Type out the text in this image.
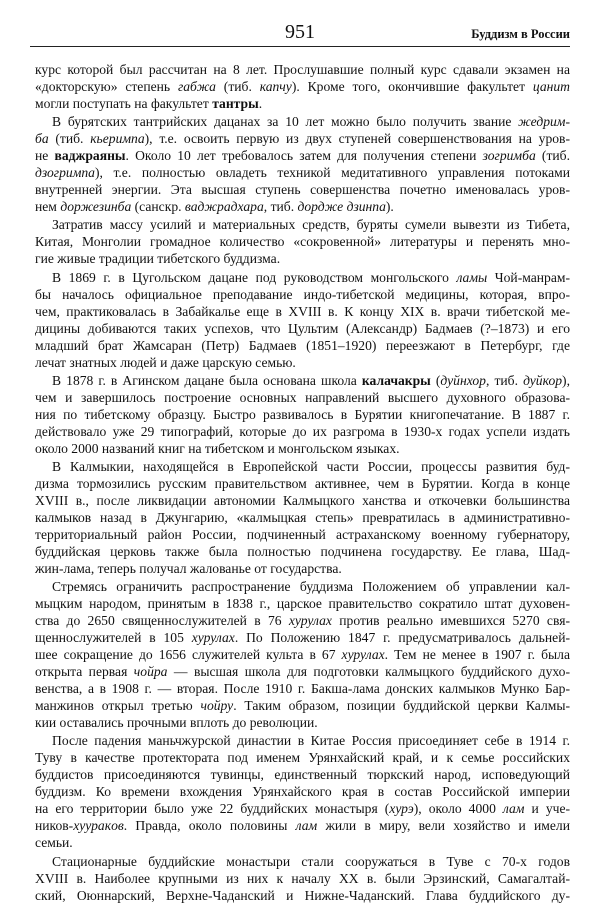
951	Буддизм в России
курс которой был рассчитан на 8 лет. Прослушавшие полный курс сдавали экзамен на
«докторскую» степень габжа (тиб. капчу). Кроме того, окончившие факультет цанит
могли поступать на факультет тантры.
В бурятских тантрийских дацанах за 10 лет можно было получить звание жедрим-
ба (тиб. кьеримпа), т.е. освоить первую из двух ступеней совершенствования на уров-
не ваджраяны. Около 10 лет требовалось затем для получения степени зогримба (тиб.
дзогримпа), т.е. полностью овладеть техникой медитативного управления потоками
внутренней энергии. Эта высшая ступень совершенства почетно именовалась уров-
нем доржезинба (санскр. ваджрадхара, тиб. дордже дзинпа).
Затратив массу усилий и материальных средств, буряты сумели вывезти из Тибета,
Китая, Монголии громадное количество «сокровенной» литературы и перенять мно-
гие живые традиции тибетского буддизма.
В 1869 г. в Цугольском дацане под руководством монгольского ламы Чой-манрам-
бы началось официальное преподавание индо-тибетской медицины, которая, впро-
чем, практиковалась в Забайкалье еще в XVIII в. К концу XIX в. врачи тибетской ме-
дицины добиваются таких успехов, что Цультим (Александр) Бадмаев (?–1873) и его
младший брат Жамсаран (Петр) Бадмаев (1851–1920) переезжают в Петербург, где
лечат знатных людей и даже царскую семью.
В 1878 г. в Агинском дацане была основана школа калачакры (дуйнхор, тиб. дуйкор),
чем и завершилось построение основных направлений высшего духовного образова-
ния по тибетскому образцу. Быстро развивалось в Бурятии книгопечатание. В 1887 г.
действовало уже 29 типографий, которые до их разгрома в 1930-х годах успели издать
около 2000 названий книг на тибетском и монгольском языках.
В Калмыкии, находящейся в Европейской части России, процессы развития буд-
дизма тормозились русским правительством активнее, чем в Бурятии. Когда в конце
XVIII в., после ликвидации автономии Калмыцкого ханства и откочевки большинства
калмыков назад в Джунгарию, «калмыцкая степь» превратилась в административно-
территориальный район России, подчиненный астраханскому военному губернатору,
буддийская церковь также была полностью подчинена государству. Ее глава, Шад-
жин-лама, теперь получал жалованье от государства.
Стремясь ограничить распространение буддизма Положением об управлении кал-
мыцким народом, принятым в 1838 г., царское правительство сократило штат духовен-
ства до 2650 священнослужителей в 76 хурулах против реально имевшихся 5270 свя-
щеннослужителей в 105 хурулах. По Положению 1847 г. предусматривалось дальней-
шее сокращение до 1656 служителей культа в 67 хурулах. Тем не менее в 1907 г. была
открыта первая чойра — высшая школа для подготовки калмыцкого буддийского духо-
венства, а в 1908 г. — вторая. После 1910 г. Бакша-лама донских калмыков Мунко Бар-
манжинов открыл третью чойру. Таким образом, позиции буддийской церкви Калмы-
кии оставались прочными вплоть до революции.
После падения маньчжурской династии в Китае Россия присоединяет себе в 1914 г.
Туву в качестве протектората под именем Урянхайский край, и к семье российских
буддистов присоединяются тувинцы, единственный тюркский народ, исповедующий
буддизм. Ко времени вхождения Урянхайского края в состав Российской империи
на его территории было уже 22 буддийских монастыря (хурэ), около 4000 лам и уче-
ников-хууракoв. Правда, около половины лам жили в миру, вели хозяйство и имели
семьи.
Стационарные буддийские монастыри стали сооружаться в Туве с 70-х годов
XVIII в. Наиболее крупными из них к началу XX в. были Эрзинский, Самагалтай-
ский, Оюннарский, Верхне-Чаданский и Нижне-Чаданский. Глава буддийского ду-
